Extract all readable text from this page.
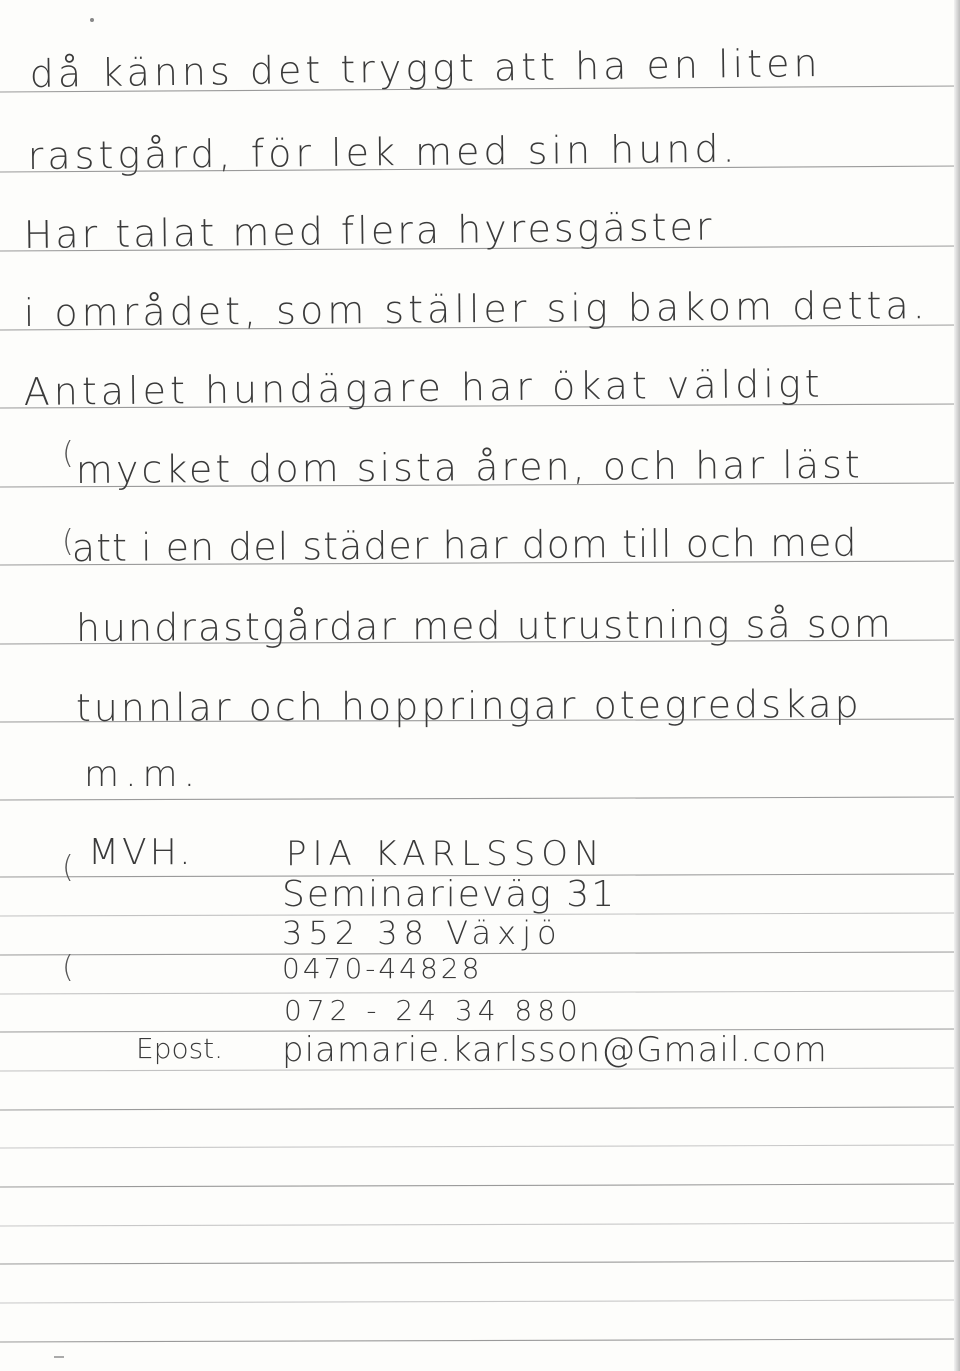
då känns det tryggt att ha en liten
rastgård, för lek med sin hund.
Har talat med flera hyresgäster
i området, som ställer sig bakom detta.
Antalet hundägare har ökat väldigt
mycket dom sista åren, och har läst
att i en del städer har dom till och med
hundrastgårdar med utrustning så som
tunnlar och hoppringar otegredskap
m.m.
(
(
(
(
MVH.	PIA KARLSSON
Seminarieväg 31
352 38 Växjö
0470-44828
072 - 24 34 880
Epost. piamarie.karlsson@Gmail.com
